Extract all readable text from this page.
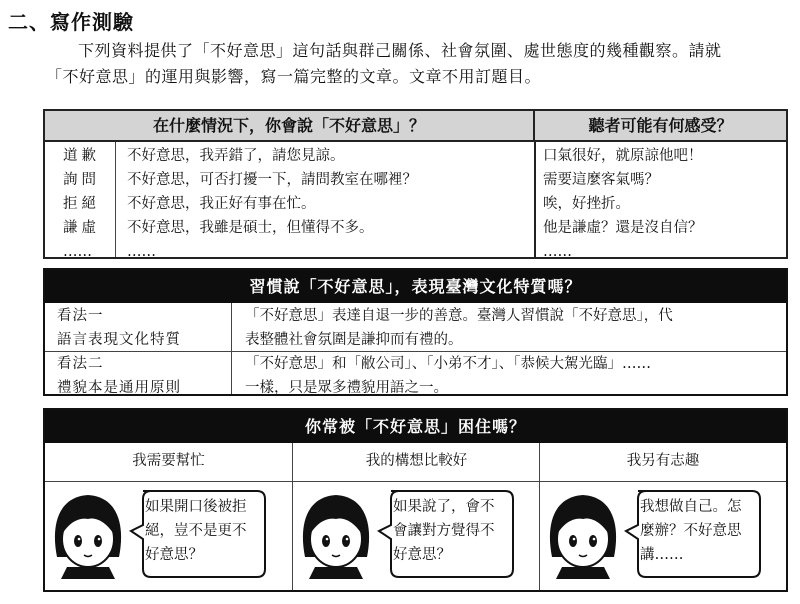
二、寫作測驗
下列資料提供了「不好意思」這句話與群己關係、社會氛圍、處世態度的幾種觀察。請就「不好意思」的運用與影響，寫一篇完整的文章。文章不用訂題目。
在什麼情況下，你會說「不好意思」？	聽者可能有何感受？
道歉
詢問
拒絕
謙虛
……
不好意思，我弄錯了，請您見諒。
不好意思，可否打擾一下，請問教室在哪裡？
不好意思，我正好有事在忙。
不好意思，我雖是碩士，但懂得不多。
……
口氣很好，就原諒他吧！
需要這麼客氣嗎？
唉，好挫折。
他是謙虛？還是沒自信？
……
習慣說「不好意思」，表現臺灣文化特質嗎？
看法一
語言表現文化特質
「不好意思」表達自退一步的善意。臺灣人習慣說「不好意思」，代
表整體社會氛圍是謙抑而有禮的。
看法二
禮貌本是通用原則
「不好意思」和「敝公司」、「小弟不才」、「恭候大駕光臨」……
一樣，只是眾多禮貌用語之一。
你常被「不好意思」困住嗎？
我需要幫忙
如果開口後被拒
絕，豈不是更不
好意思？
我的構想比較好
如果說了，會不
會讓對方覺得不
好意思？
我另有志趣
我想做自己。怎
麼辦？不好意思
講……
